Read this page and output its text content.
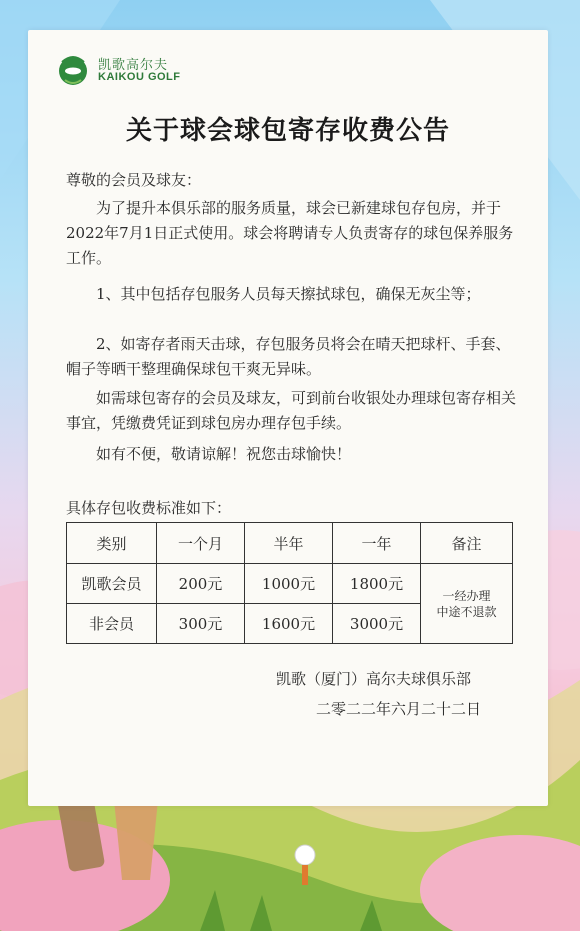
凯歌高尔夫
KAIKOU GOLF
关于球会球包寄存收费公告
尊敬的会员及球友：
为了提升本俱乐部的服务质量，球会已新建球包存包房，并于2022年7月1日正式使用。球会将聘请专人负责寄存的球包保养服务工作。
1、其中包括存包服务人员每天擦拭球包，确保无灰尘等；
2、如寄存者雨天击球，存包服务员将会在晴天把球杆、手套、帽子等晒干整理确保球包干爽无异味。
如需球包寄存的会员及球友，可到前台收银处办理球包寄存相关事宜，凭缴费凭证到球包房办理存包手续。
如有不便，敬请谅解！祝您击球愉快！
具体存包收费标准如下：
类别	一个月	半年	一年	备注
凯歌会员	200元	1000元	1800元	一经办理
中途不退款

非会员	300元	1600元	3000元	
凯歌（厦门）高尔夫球俱乐部
二零二二年六月二十二日
